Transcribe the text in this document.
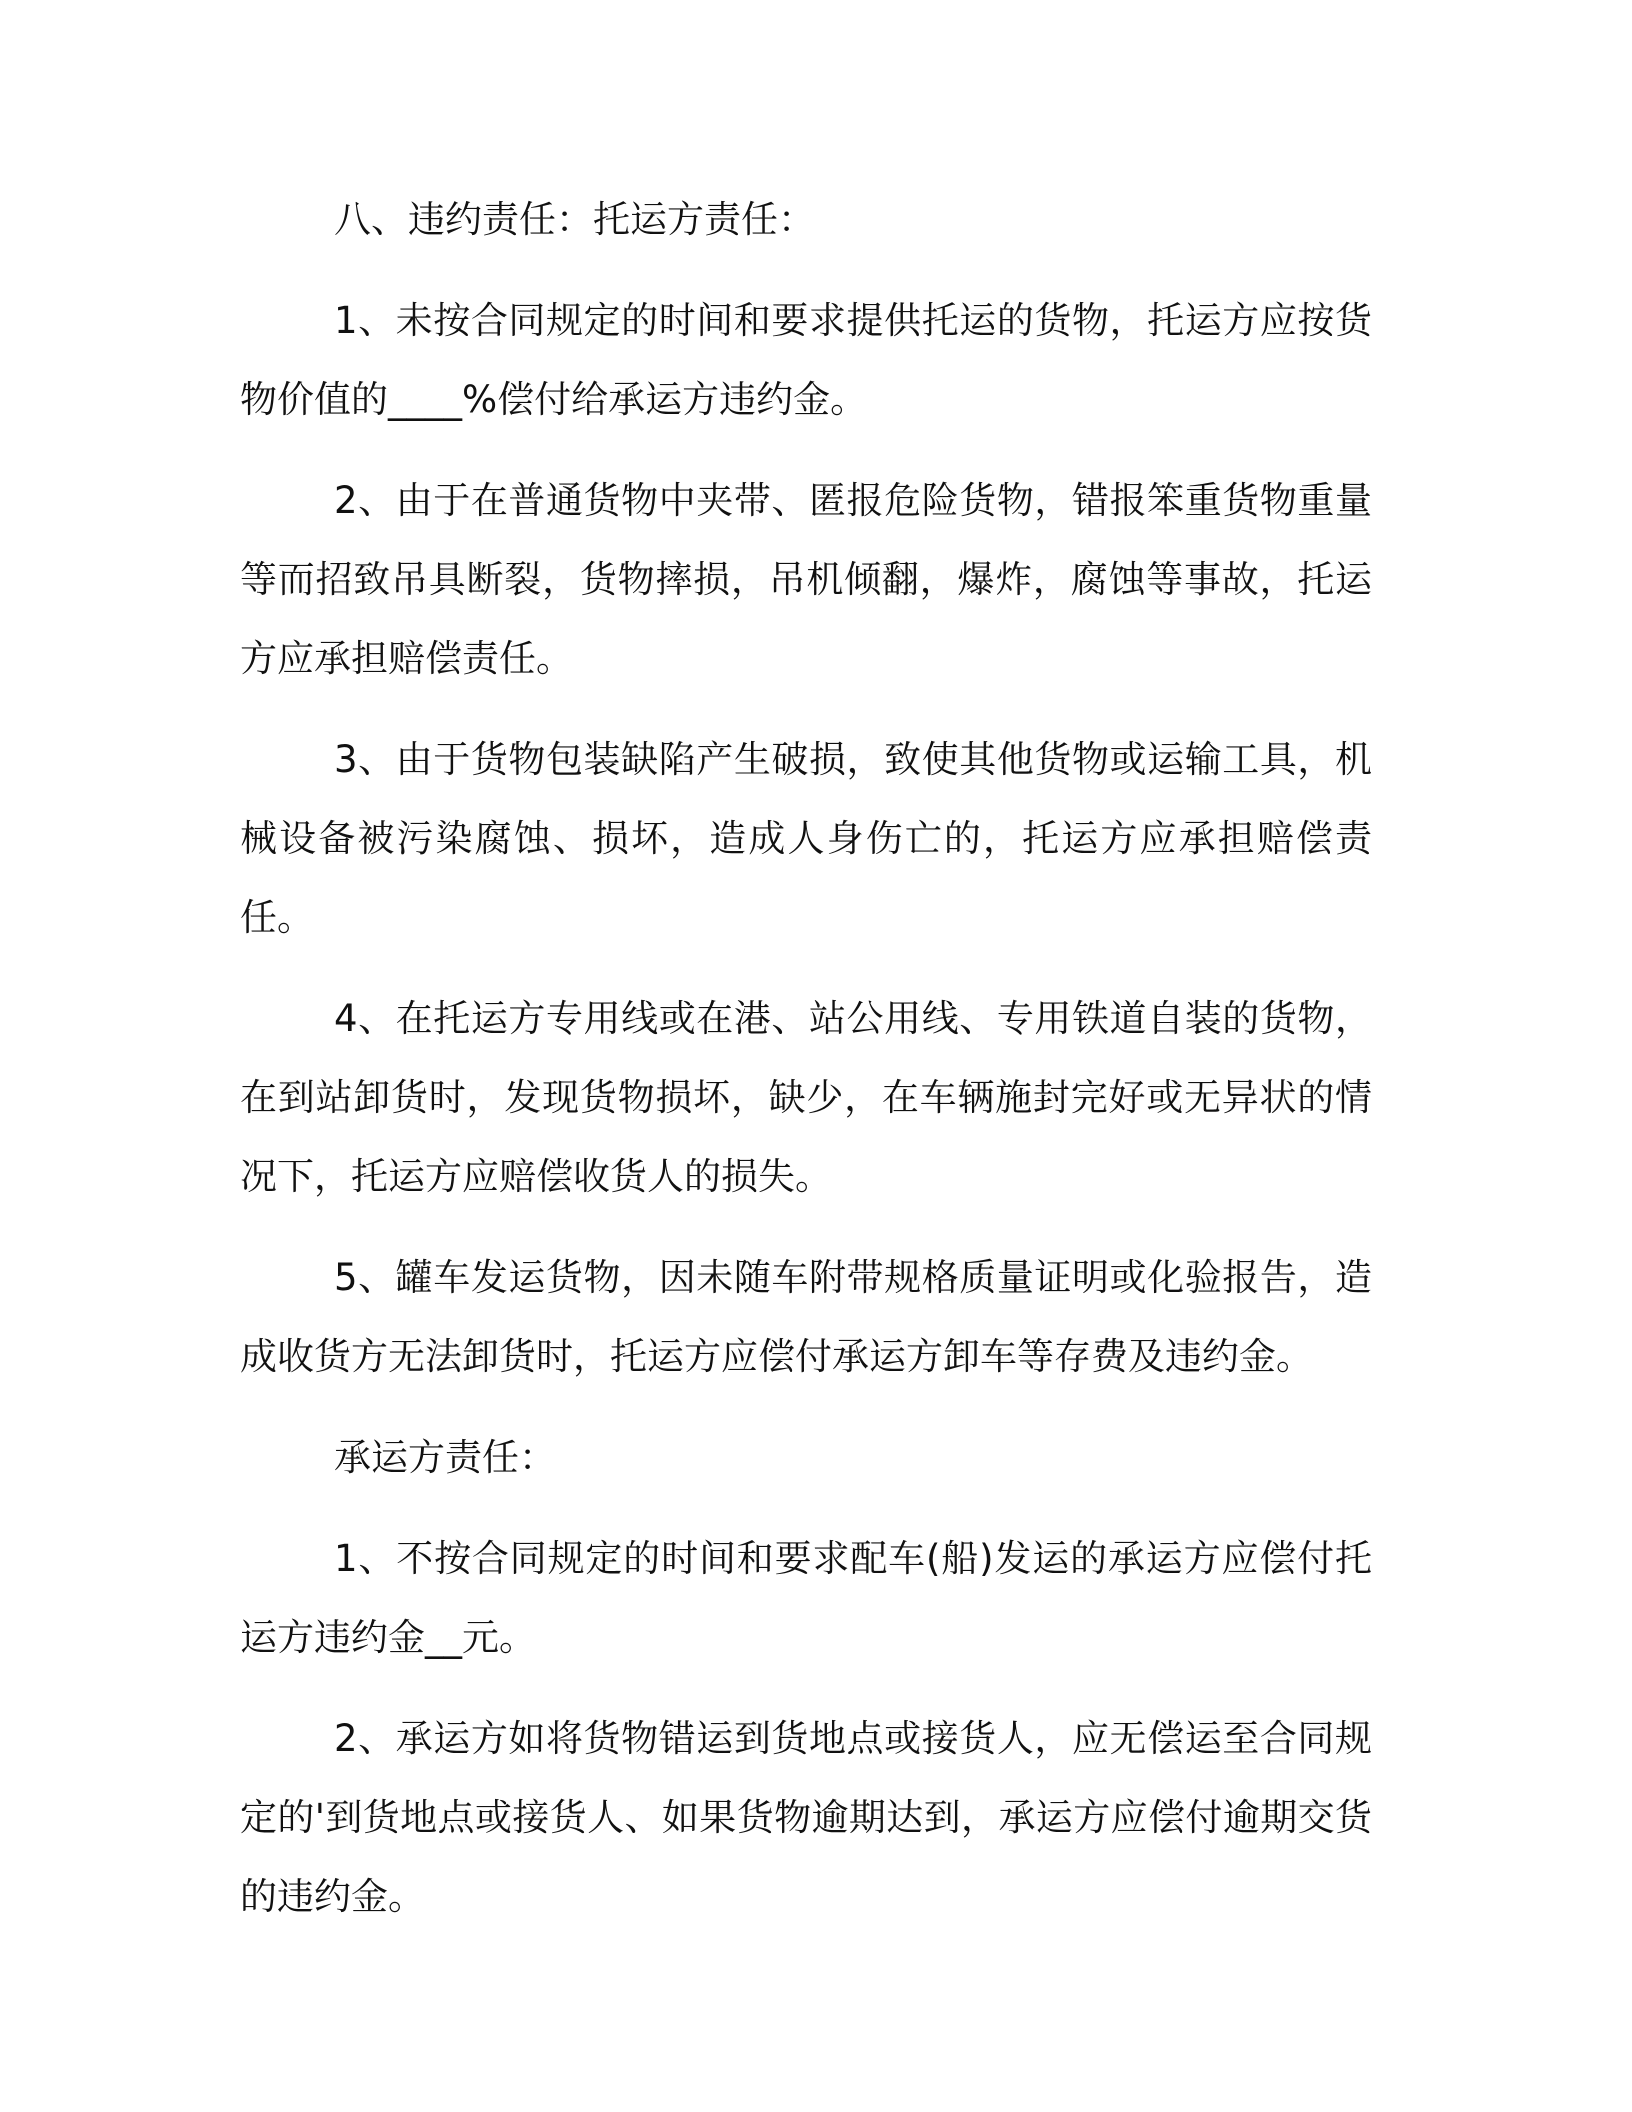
八、违约责任：托运方责任：

1、未按合同规定的时间和要求提供托运的货物，托运方应按货物价值的____%偿付给承运方违约金。

2、由于在普通货物中夹带、匿报危险货物，错报笨重货物重量等而招致吊具断裂，货物摔损，吊机倾翻，爆炸，腐蚀等事故，托运方应承担赔偿责任。

3、由于货物包装缺陷产生破损，致使其他货物或运输工具，机械设备被污染腐蚀、损坏，造成人身伤亡的，托运方应承担赔偿责任。

4、在托运方专用线或在港、站公用线、专用铁道自装的货物，在到站卸货时，发现货物损坏，缺少，在车辆施封完好或无异状的情况下，托运方应赔偿收货人的损失。

5、罐车发运货物，因未随车附带规格质量证明或化验报告，造成收货方无法卸货时，托运方应偿付承运方卸车等存费及违约金。

承运方责任：

1、不按合同规定的时间和要求配车(船)发运的承运方应偿付托运方违约金__元。

2、承运方如将货物错运到货地点或接货人，应无偿运至合同规定的'到货地点或接货人、如果货物逾期达到，承运方应偿付逾期交货的违约金。
